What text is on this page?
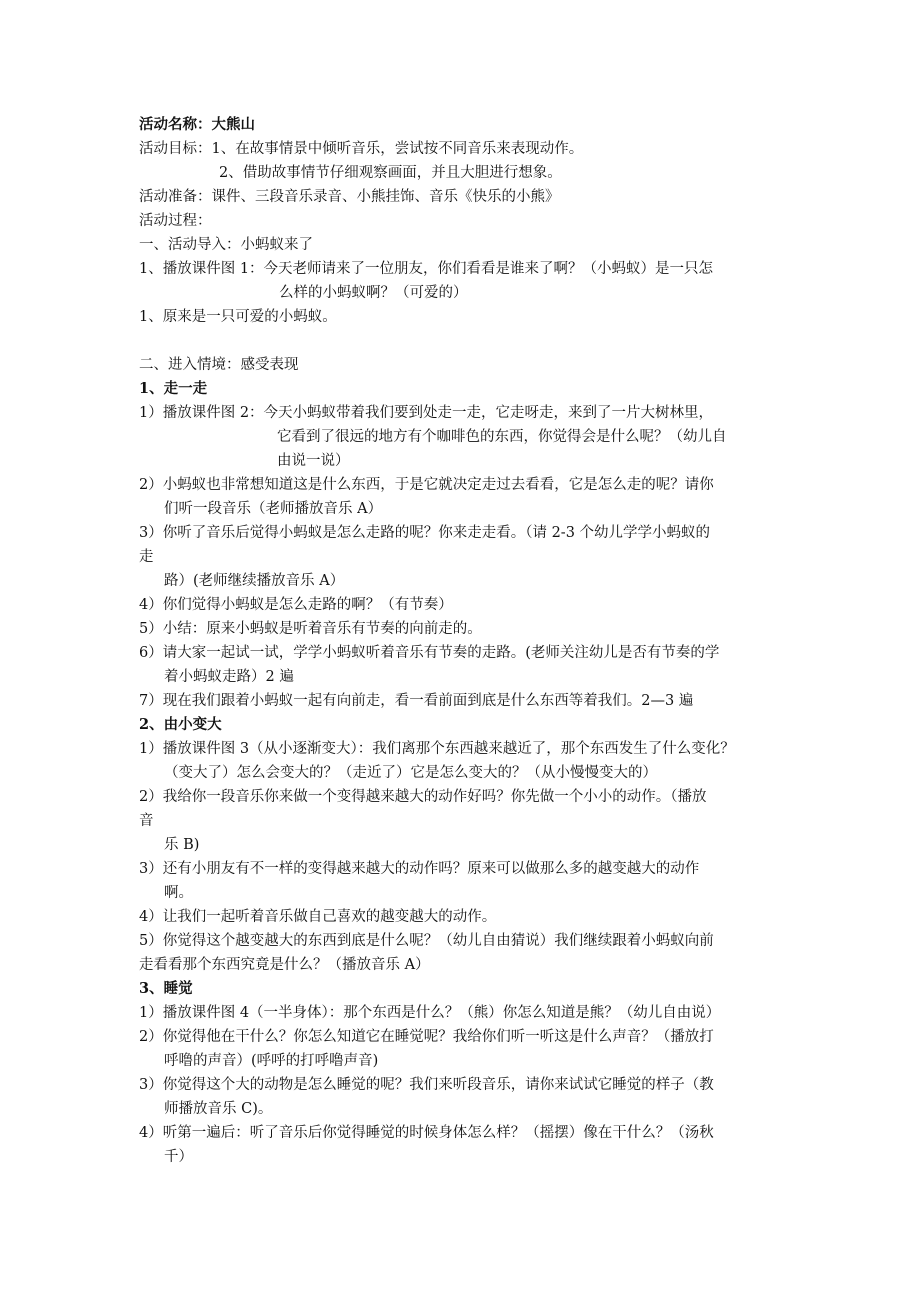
活动名称：大熊山
活动目标：1、在故事情景中倾听音乐，尝试按不同音乐来表现动作。
2、借助故事情节仔细观察画面，并且大胆进行想象。
活动准备：课件、三段音乐录音、小熊挂饰、音乐《快乐的小熊》
活动过程：
一、活动导入：小蚂蚁来了
1、播放课件图 1：今天老师请来了一位朋友，你们看看是谁来了啊？（小蚂蚁）是一只怎
么样的小蚂蚁啊？（可爱的）
1、原来是一只可爱的小蚂蚁。
二、进入情境：感受表现
1、走一走
1）播放课件图 2：今天小蚂蚁带着我们要到处走一走，它走呀走，来到了一片大树林里，
它看到了很远的地方有个咖啡色的东西，你觉得会是什么呢？（幼儿自
由说一说）
2）小蚂蚁也非常想知道这是什么东西，于是它就决定走过去看看，它是怎么走的呢？请你
们听一段音乐（老师播放音乐 A）
3）你听了音乐后觉得小蚂蚁是怎么走路的呢？你来走走看。（请 2-3 个幼儿学学小蚂蚁的
走
路）(老师继续播放音乐 A）
4）你们觉得小蚂蚁是怎么走路的啊？（有节奏）
5）小结：原来小蚂蚁是听着音乐有节奏的向前走的。
6）请大家一起试一试，学学小蚂蚁听着音乐有节奏的走路。(老师关注幼儿是否有节奏的学
着小蚂蚁走路）2 遍
7）现在我们跟着小蚂蚁一起有向前走，看一看前面到底是什么东西等着我们。2—3 遍
2、由小变大
1）播放课件图 3（从小逐渐变大）：我们离那个东西越来越近了，那个东西发生了什么变化？
（变大了）怎么会变大的？（走近了）它是怎么变大的？（从小慢慢变大的）
2）我给你一段音乐你来做一个变得越来越大的动作好吗？你先做一个小小的动作。（播放
音
乐 B)
3）还有小朋友有不一样的变得越来越大的动作吗？原来可以做那么多的越变越大的动作
啊。
4）让我们一起听着音乐做自己喜欢的越变越大的动作。
5）你觉得这个越变越大的东西到底是什么呢？（幼儿自由猜说）我们继续跟着小蚂蚁向前
走看看那个东西究竟是什么？（播放音乐 A）
3、睡觉
1）播放课件图 4（一半身体）：那个东西是什么？（熊）你怎么知道是熊？（幼儿自由说）
2）你觉得他在干什么？你怎么知道它在睡觉呢？我给你们听一听这是什么声音？（播放打
呼噜的声音）(呼呼的打呼噜声音)
3）你觉得这个大的动物是怎么睡觉的呢？我们来听段音乐，请你来试试它睡觉的样子（教
师播放音乐 C)。
4）听第一遍后：听了音乐后你觉得睡觉的时候身体怎么样？（摇摆）像在干什么？（汤秋
千）
